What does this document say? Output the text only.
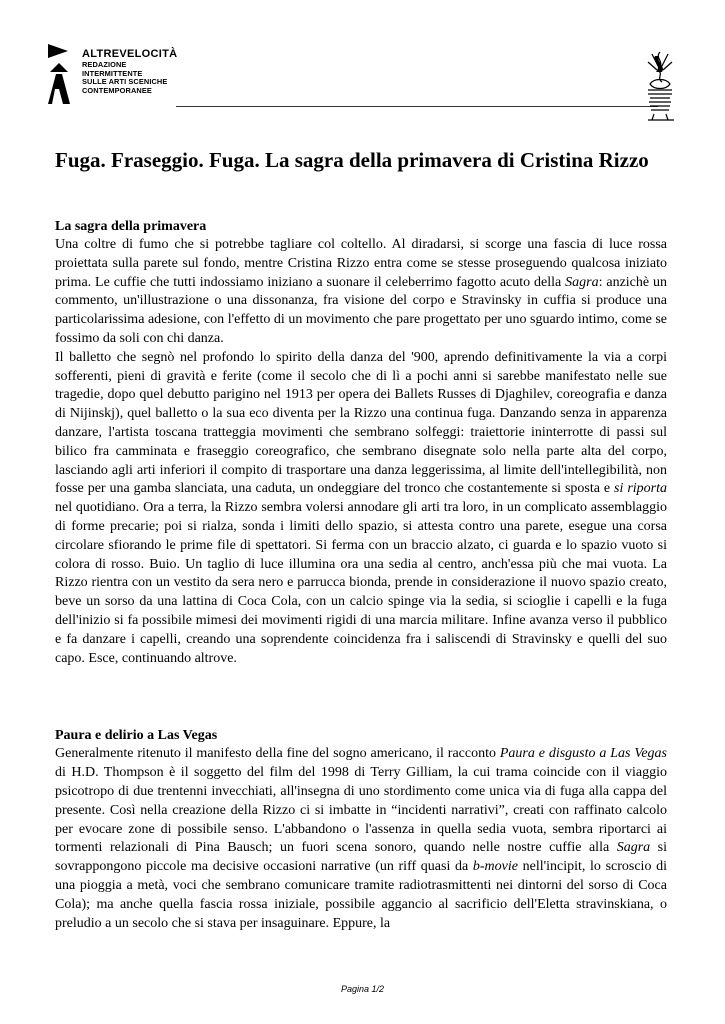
ALTREVELOCITÀ
REDAZIONE
INTERMITTENTE
SULLE ARTI SCENICHE
CONTEMPORANEE
Fuga. Fraseggio. Fuga. La sagra della primavera di Cristina Rizzo
La sagra della primavera

Una coltre di fumo che si potrebbe tagliare col coltello. Al diradarsi, si scorge una fascia di luce rossa proiettata sulla parete sul fondo, mentre Cristina Rizzo entra come se stesse proseguendo qualcosa iniziato prima. Le cuffie che tutti indossiamo iniziano a suonare il celeberrimo fagotto acuto della Sagra: anzichè un commento, un'illustrazione o una dissonanza, fra visione del corpo e Stravinsky in cuffia si produce una particolarissima adesione, con l'effetto di un movimento che pare progettato per uno sguardo intimo, come se fossimo da soli con chi danza.

Il balletto che segnò nel profondo lo spirito della danza del '900, aprendo definitivamente la via a corpi sofferenti, pieni di gravità e ferite (come il secolo che di lì a pochi anni si sarebbe manifestato nelle sue tragedie, dopo quel debutto parigino nel 1913 per opera dei Ballets Russes di Djaghilev, coreografia e danza di Nijinskj), quel balletto o la sua eco diventa per la Rizzo una continua fuga. Danzando senza in apparenza danzare, l'artista toscana tratteggia movimenti che sembrano solfeggi: traiettorie ininterrotte di passi sul bilico fra camminata e fraseggio coreografico, che sembrano disegnate solo nella parte alta del corpo, lasciando agli arti inferiori il compito di trasportare una danza leggerissima, al limite dell'intellegibilità, non fosse per una gamba slanciata, una caduta, un ondeggiare del tronco che costantemente si sposta e si riporta nel quotidiano. Ora a terra, la Rizzo sembra volersi annodare gli arti tra loro, in un complicato assemblaggio di forme precarie; poi si rialza, sonda i limiti dello spazio, si attesta contro una parete, esegue una corsa circolare sfiorando le prime file di spettatori. Si ferma con un braccio alzato, ci guarda e lo spazio vuoto si colora di rosso. Buio. Un taglio di luce illumina ora una sedia al centro, anch'essa più che mai vuota. La Rizzo rientra con un vestito da sera nero e parrucca bionda, prende in considerazione il nuovo spazio creato, beve un sorso da una lattina di Coca Cola, con un calcio spinge via la sedia, si scioglie i capelli e la fuga dell'inizio si fa possibile mimesi dei movimenti rigidi di una marcia militare. Infine avanza verso il pubblico e fa danzare i capelli, creando una soprendente coincidenza fra i saliscendi di Stravinsky e quelli del suo capo. Esce, continuando altrove.

Paura e delirio a Las Vegas

Generalmente ritenuto il manifesto della fine del sogno americano, il racconto Paura e disgusto a Las Vegas di H.D. Thompson è il soggetto del film del 1998 di Terry Gilliam, la cui trama coincide con il viaggio psicotropo di due trentenni invecchiati, all'insegna di uno stordimento come unica via di fuga alla cappa del presente. Così nella creazione della Rizzo ci si imbatte in “incidenti narrativi”, creati con raffinato calcolo per evocare zone di possibile senso. L'abbandono o l'assenza in quella sedia vuota, sembra riportarci ai tormenti relazionali di Pina Bausch; un fuori scena sonoro, quando nelle nostre cuffie alla Sagra si sovrappongono piccole ma decisive occasioni narrative (un riff quasi da b-movie nell'incipit, lo scroscio di una pioggia a metà, voci che sembrano comunicare tramite radiotrasmittenti nei dintorni del sorso di Coca Cola); ma anche quella fascia rossa iniziale, possibile aggancio al sacrificio dell'Eletta stravinskiana, o preludio a un secolo che si stava per insaguinare. Eppure, la

Pagina 1/2
